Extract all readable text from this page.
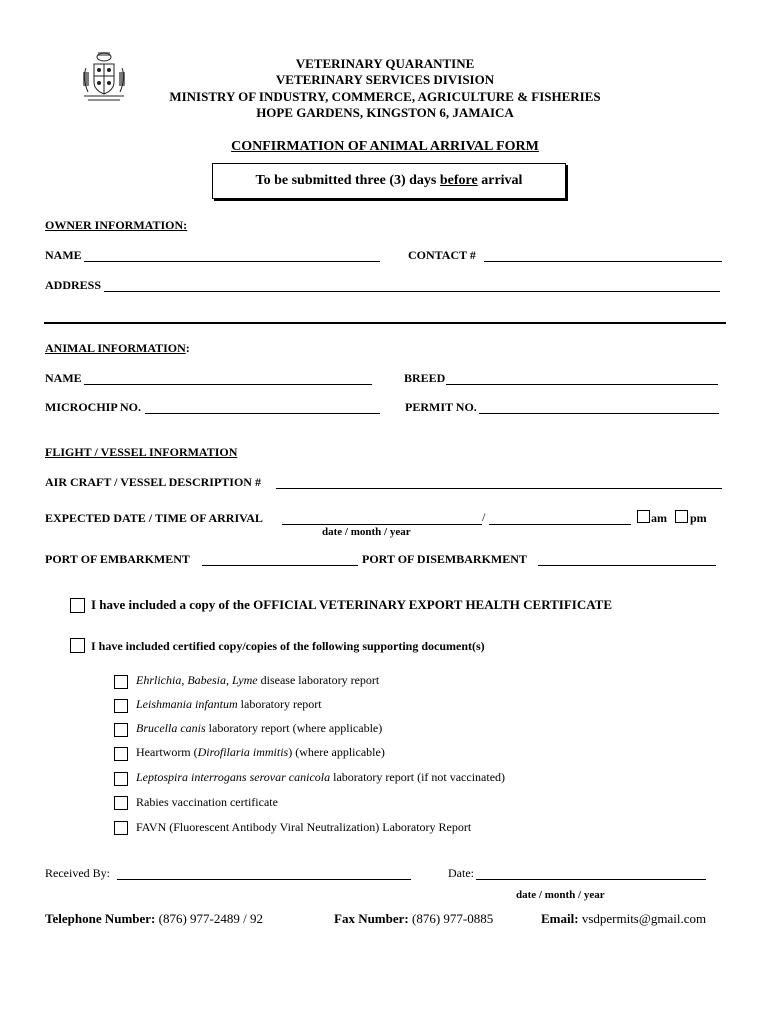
VETERINARY QUARANTINE
VETERINARY SERVICES DIVISION
MINISTRY OF INDUSTRY, COMMERCE, AGRICULTURE & FISHERIES
HOPE GARDENS, KINGSTON 6, JAMAICA
CONFIRMATION OF ANIMAL ARRIVAL FORM
To be submitted three (3) days before arrival
OWNER INFORMATION:
NAME	CONTACT #
ADDRESS
ANIMAL INFORMATION:
NAME	BREED
MICROCHIP NO.	PERMIT NO.
FLIGHT / VESSEL INFORMATION
AIR CRAFT / VESSEL DESCRIPTION #
EXPECTED DATE / TIME OF ARRIVAL	/	am pm
date / month / year
PORT OF EMBARKMENT	PORT OF DISEMBARKMENT
I have included a copy of the OFFICIAL VETERINARY EXPORT HEALTH CERTIFICATE
I have included certified copy/copies of the following supporting document(s)
Ehrlichia, Babesia, Lyme disease laboratory report
Leishmania infantum laboratory report
Brucella canis laboratory report (where applicable)
Heartworm (Dirofilaria immitis) (where applicable)
Leptospira interrogans serovar canicola laboratory report (if not vaccinated)
Rabies vaccination certificate
FAVN (Fluorescent Antibody Viral Neutralization) Laboratory Report
Received By:	Date:
date / month / year
Telephone Number: (876) 977-2489 / 92	Fax Number: (876) 977-0885	Email: vsdpermits@gmail.com
